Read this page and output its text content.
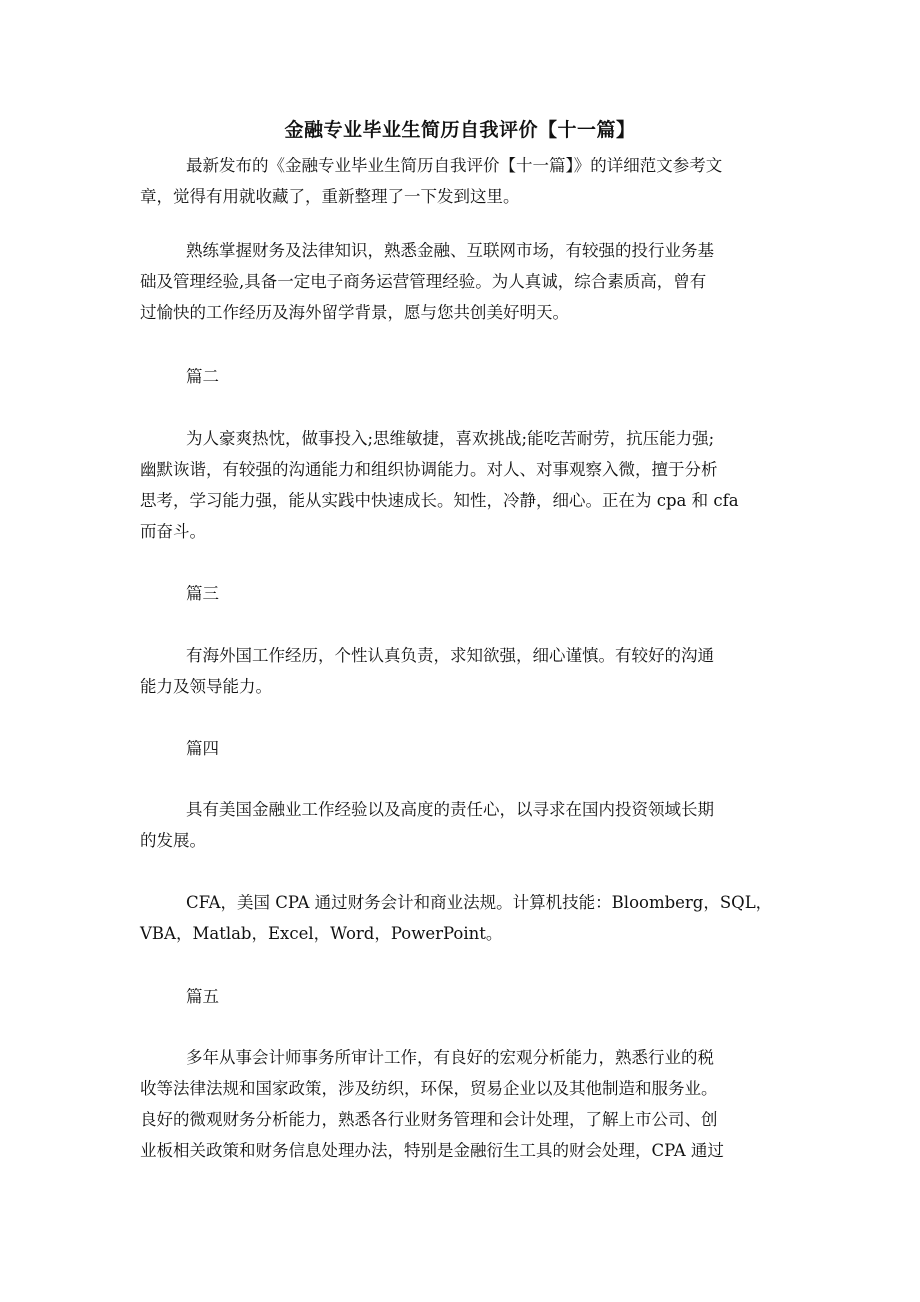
金融专业毕业生简历自我评价【十一篇】

最新发布的《金融专业毕业生简历自我评价【十一篇】》的详细范文参考文
章，觉得有用就收藏了，重新整理了一下发到这里。

熟练掌握财务及法律知识，熟悉金融、互联网市场，有较强的投行业务基
础及管理经验,具备一定电子商务运营管理经验。为人真诚，综合素质高，曾有
过愉快的工作经历及海外留学背景，愿与您共创美好明天。

篇二

为人豪爽热忱，做事投入;思维敏捷，喜欢挑战;能吃苦耐劳，抗压能力强;
幽默诙谐，有较强的沟通能力和组织协调能力。对人、对事观察入微，擅于分析
思考，学习能力强，能从实践中快速成长。知性，冷静，细心。正在为 cpa 和 cfa
而奋斗。

篇三

有海外国工作经历，个性认真负责，求知欲强，细心谨慎。有较好的沟通
能力及领导能力。

篇四

具有美国金融业工作经验以及高度的责任心，以寻求在国内投资领域长期
的发展。

CFA，美国 CPA 通过财务会计和商业法规。计算机技能：Bloomberg，SQL，
VBA，Matlab，Excel，Word，PowerPoint。

篇五

多年从事会计师事务所审计工作，有良好的宏观分析能力，熟悉行业的税
收等法律法规和国家政策，涉及纺织，环保，贸易企业以及其他制造和服务业。
良好的微观财务分析能力，熟悉各行业财务管理和会计处理，了解上市公司、创
业板相关政策和财务信息处理办法，特别是金融衍生工具的财会处理，CPA 通过
